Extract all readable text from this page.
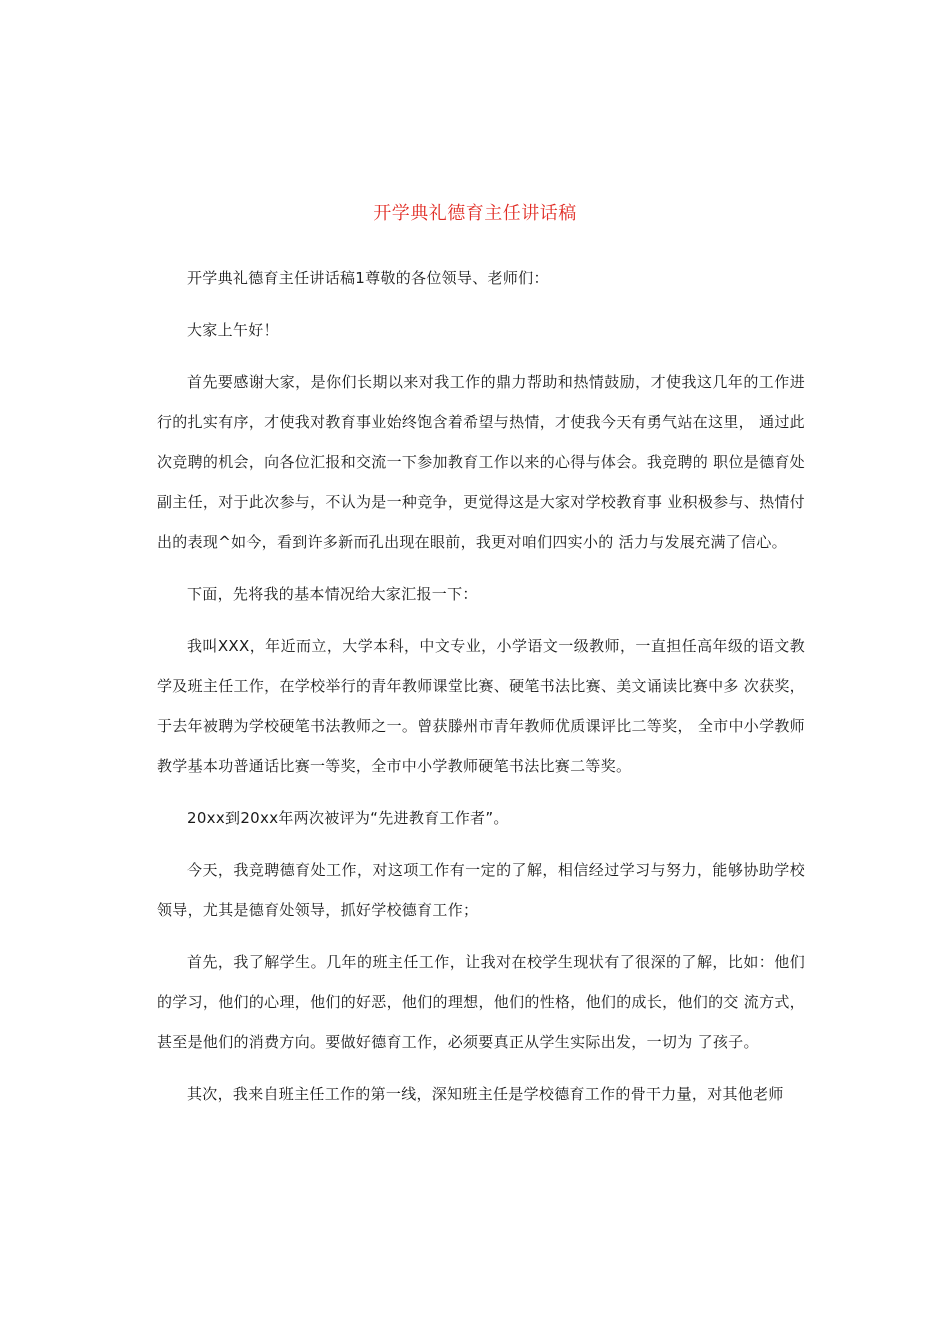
开学典礼德育主任讲话稿

开学典礼德育主任讲话稿1尊敬的各位领导、老师们：

大家上午好！

首先要感谢大家，是你们长期以来对我工作的鼎力帮助和热情鼓励，才使我这几年的工作进行的扎实有序，才使我对教育事业始终饱含着希望与热情，才使我今天有勇气站在这里， 通过此次竞聘的机会，向各位汇报和交流一下参加教育工作以来的心得与体会。我竞聘的 职位是德育处副主任，对于此次参与，不认为是一种竞争，更觉得这是大家对学校教育事 业积极参与、热情付出的表现^如今，看到许多新而孔出现在眼前，我更对咱们四实小的 活力与发展充满了信心。

下面，先将我的基本情况给大家汇报一下：

我叫XXX，年近而立，大学本科，中文专业，小学语文一级教师，一直担任高年级的语文教学及班主任工作，在学校举行的青年教师课堂比赛、硬笔书法比赛、美文诵读比赛中多 次获奖，于去年被聘为学校硬笔书法教师之一。曾获滕州市青年教师优质课评比二等奖， 全市中小学教师教学基本功普通话比赛一等奖，全市中小学教师硬笔书法比赛二等奖。

20xx到20xx年两次被评为“先进教育工作者”。

今天，我竞聘德育处工作，对这项工作有一定的了解，相信经过学习与努力，能够协助学校领导，尤其是德育处领导，抓好学校德育工作；

首先，我了解学生。几年的班主任工作，让我对在校学生现状有了很深的了解，比如：他们的学习，他们的心理，他们的好恶，他们的理想，他们的性格，他们的成长，他们的交 流方式，甚至是他们的消费方向。要做好德育工作，必须要真正从学生实际出发，一切为 了孩子。

其次，我来自班主任工作的第一线，深知班主任是学校德育工作的骨干力量，对其他老师
